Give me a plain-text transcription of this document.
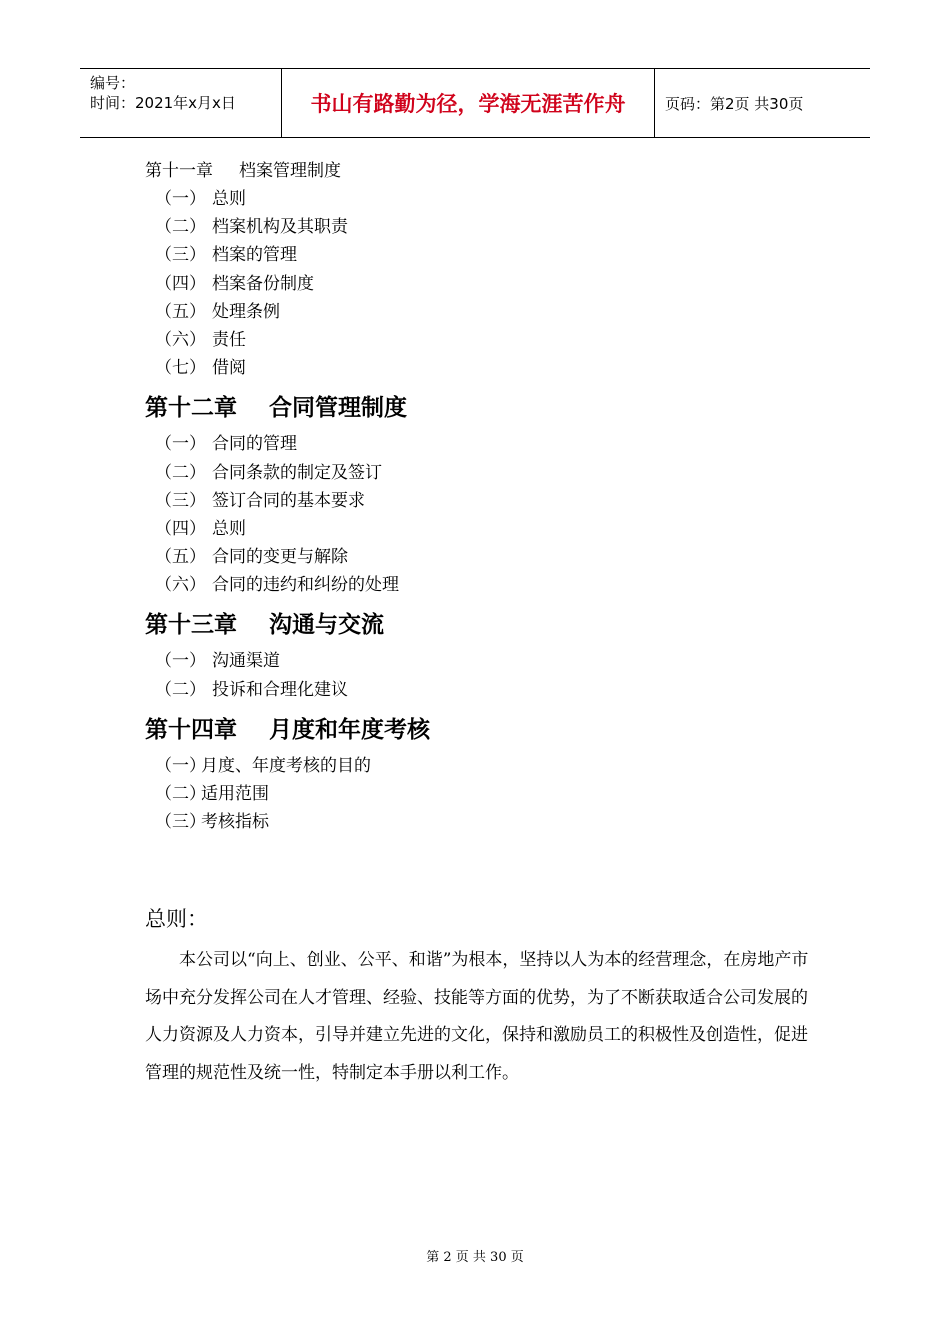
编号：
时间：2021年x月x日	书山有路勤为径，学海无涯苦作舟	页码：第2页 共30页
第十一章 档案管理制度
（一） 总则
（二） 档案机构及其职责
（三） 档案的管理
（四） 档案备份制度
（五） 处理条例
（六） 责任
（七） 借阅
第十二章 合同管理制度
（一） 合同的管理
（二） 合同条款的制定及签订
（三） 签订合同的基本要求
（四） 总则
（五） 合同的变更与解除
（六） 合同的违约和纠纷的处理
第十三章 沟通与交流
（一） 沟通渠道
（二） 投诉和合理化建议
第十四章 月度和年度考核
（一）月度、年度考核的目的
（二）适用范围
（三）考核指标
总则：
本公司以“向上、创业、公平、和谐”为根本，坚持以人为本的经营理念，在房地产市场中充分发挥公司在人才管理、经验、技能等方面的优势，为了不断获取适合公司发展的人力资源及人力资本，引导并建立先进的文化，保持和激励员工的积极性及创造性，促进管理的规范性及统一性，特制定本手册以利工作。
第 2 页 共 30 页
